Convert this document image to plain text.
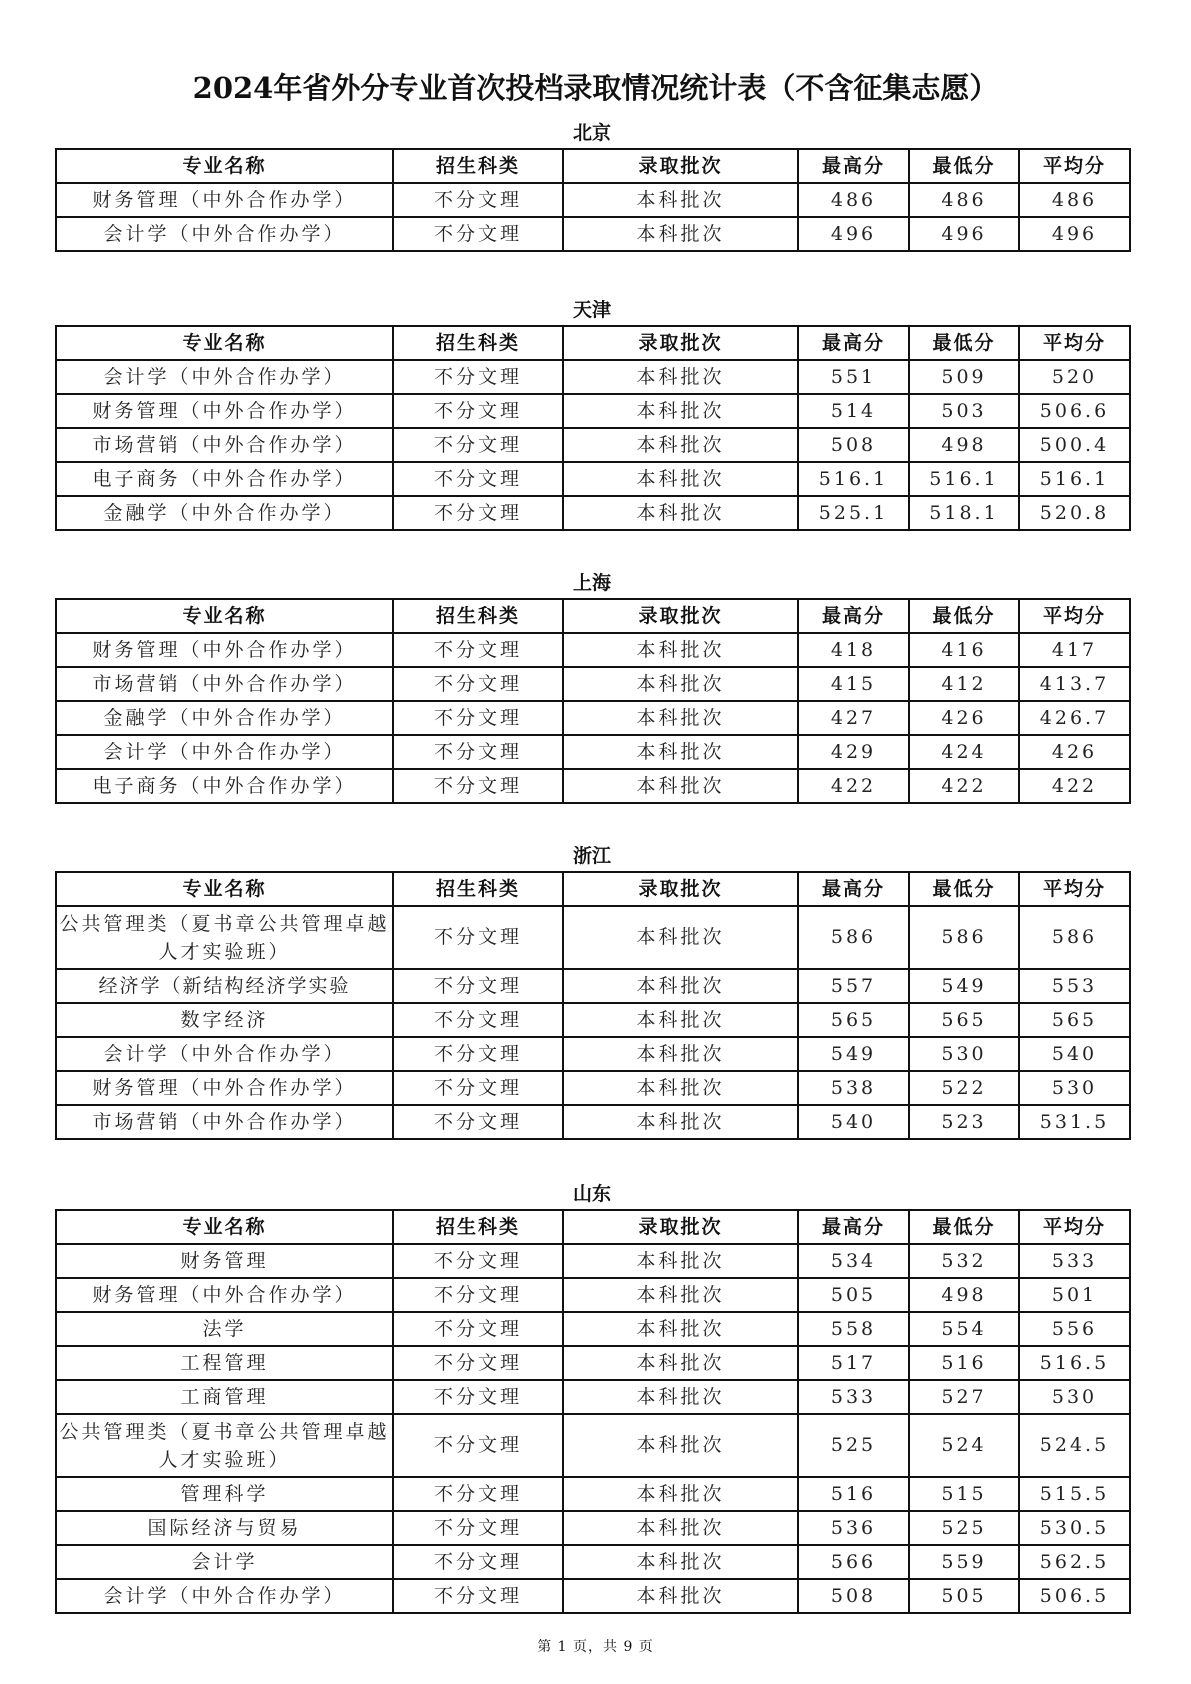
2024年省外分专业首次投档录取情况统计表（不含征集志愿）
北京
专业名称	招生科类	录取批次	最高分	最低分	平均分
财务管理（中外合作办学）	不分文理	本科批次	486	486	486
会计学（中外合作办学）	不分文理	本科批次	496	496	496
天津
专业名称	招生科类	录取批次	最高分	最低分	平均分
会计学（中外合作办学）	不分文理	本科批次	551	509	520
财务管理（中外合作办学）	不分文理	本科批次	514	503	506.6
市场营销（中外合作办学）	不分文理	本科批次	508	498	500.4
电子商务（中外合作办学）	不分文理	本科批次	516.1	516.1	516.1
金融学（中外合作办学）	不分文理	本科批次	525.1	518.1	520.8
上海
专业名称	招生科类	录取批次	最高分	最低分	平均分
财务管理（中外合作办学）	不分文理	本科批次	418	416	417
市场营销（中外合作办学）	不分文理	本科批次	415	412	413.7
金融学（中外合作办学）	不分文理	本科批次	427	426	426.7
会计学（中外合作办学）	不分文理	本科批次	429	424	426
电子商务（中外合作办学）	不分文理	本科批次	422	422	422
浙江
专业名称	招生科类	录取批次	最高分	最低分	平均分
公共管理类（夏书章公共管理卓越人才实验班）	不分文理	本科批次	586	586	586
经济学（新结构经济学实验	不分文理	本科批次	557	549	553
数字经济	不分文理	本科批次	565	565	565
会计学（中外合作办学）	不分文理	本科批次	549	530	540
财务管理（中外合作办学）	不分文理	本科批次	538	522	530
市场营销（中外合作办学）	不分文理	本科批次	540	523	531.5
山东
专业名称	招生科类	录取批次	最高分	最低分	平均分
财务管理	不分文理	本科批次	534	532	533
财务管理（中外合作办学）	不分文理	本科批次	505	498	501
法学	不分文理	本科批次	558	554	556
工程管理	不分文理	本科批次	517	516	516.5
工商管理	不分文理	本科批次	533	527	530
公共管理类（夏书章公共管理卓越人才实验班）	不分文理	本科批次	525	524	524.5
管理科学	不分文理	本科批次	516	515	515.5
国际经济与贸易	不分文理	本科批次	536	525	530.5
会计学	不分文理	本科批次	566	559	562.5
会计学（中外合作办学）	不分文理	本科批次	508	505	506.5
第 1 页，共 9 页
